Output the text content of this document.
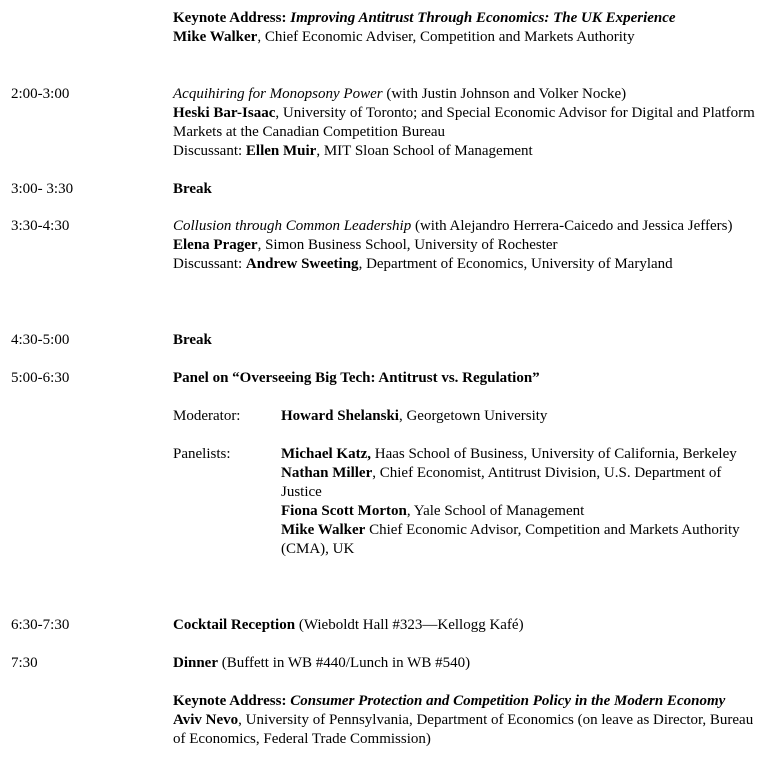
Keynote Address: Improving Antitrust Through Economics: The UK Experience
Mike Walker, Chief Economic Adviser, Competition and Markets Authority
2:00-3:00	Acquihiring for Monopsony Power (with Justin Johnson and Volker Nocke)
Heski Bar-Isaac, University of Toronto; and Special Economic Advisor for Digital and Platform Markets at the Canadian Competition Bureau
Discussant: Ellen Muir, MIT Sloan School of Management
3:00- 3:30	Break
3:30-4:30	Collusion through Common Leadership (with Alejandro Herrera-Caicedo and Jessica Jeffers)
Elena Prager, Simon Business School, University of Rochester
Discussant: Andrew Sweeting, Department of Economics, University of Maryland
4:30-5:00	Break
5:00-6:30	Panel on “Overseeing Big Tech: Antitrust vs. Regulation”
Moderator:	Howard Shelanski, Georgetown University
Panelists:	Michael Katz, Haas School of Business, University of California, Berkeley
Nathan Miller, Chief Economist, Antitrust Division, U.S. Department of Justice
Fiona Scott Morton, Yale School of Management
Mike Walker Chief Economic Advisor, Competition and Markets Authority (CMA), UK
6:30-7:30	Cocktail Reception (Wieboldt Hall #323—Kellogg Kafé)
7:30	Dinner (Buffett in WB #440/Lunch in WB #540)
Keynote Address: Consumer Protection and Competition Policy in the Modern Economy
Aviv Nevo, University of Pennsylvania, Department of Economics (on leave as Director, Bureau of Economics, Federal Trade Commission)
